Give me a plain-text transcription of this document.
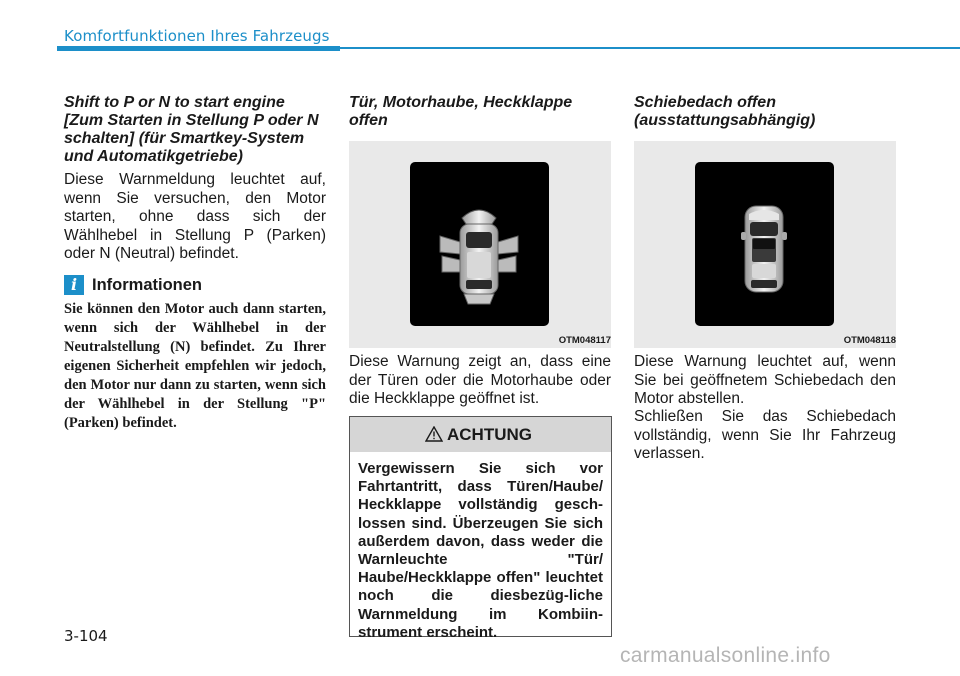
Komfortfunktionen Ihres Fahrzeugs
Shift to P or N to start engine [Zum Starten in Stellung P oder N schalten] (für Smartkey-System und Automatikgetriebe)
Diese Warnmeldung leuchtet auf, wenn Sie versuchen, den Motor starten, ohne dass sich der Wählhebel in Stellung P (Parken) oder N (Neutral) befindet.
i Informationen
Sie können den Motor auch dann starten, wenn sich der Wählhebel in der Neutralstellung (N) befindet. Zu Ihrer eigenen Sicherheit empfehlen wir jedoch, den Motor nur dann zu starten, wenn sich der Wählhebel in der Stellung "P" (Parken) befindet.
Tür, Motorhaube, Heckklappe offen
OTM048117
Diese Warnung zeigt an, dass eine der Türen oder die Motorhaube oder die Heckklappe geöffnet ist.
ACHTUNG
Vergewissern Sie sich vor Fahrtantritt, dass Türen/Haube/ Heckklappe vollständig gesch-lossen sind. Überzeugen Sie sich außerdem davon, dass weder die Warnleuchte "Tür/ Haube/Heckklappe offen" leuchtet noch die diesbezüg-liche Warnmeldung im Kombiin-strument erscheint.
Schiebedach offen (ausstattungsabhängig)
OTM048118
Diese Warnung leuchtet auf, wenn Sie bei geöffnetem Schiebedach den Motor abstellen.
Schließen Sie das Schiebedach vollständig, wenn Sie Ihr Fahrzeug verlassen.
3-104
carmanualsonline.info
